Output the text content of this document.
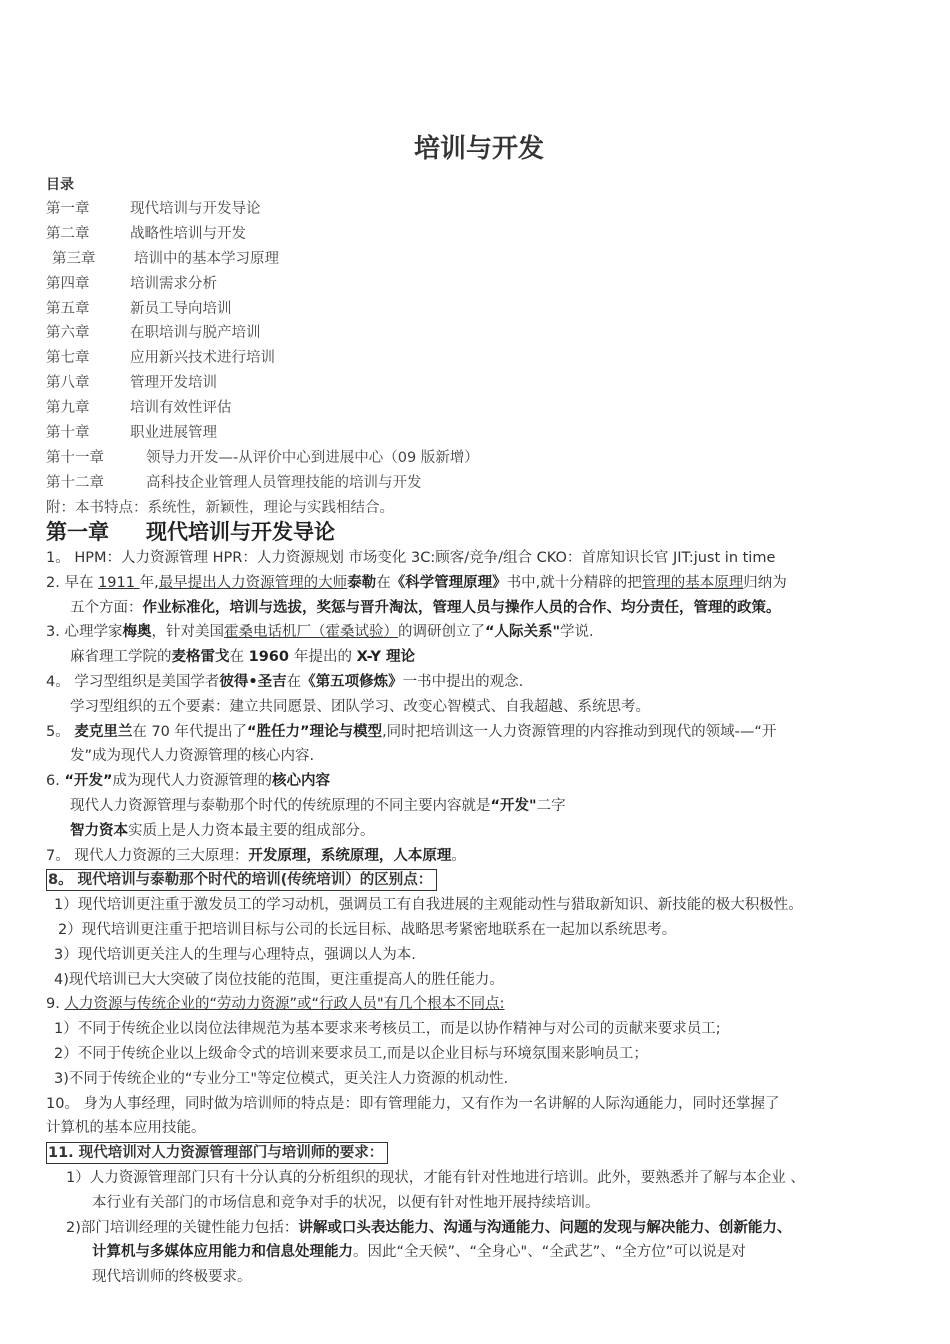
培训与开发
目录
第一章	现代培训与开发导论
第二章	战略性培训与开发
第三章	培训中的基本学习原理
第四章	培训需求分析
第五章	新员工导向培训
第六章	在职培训与脱产培训
第七章	应用新兴技术进行培训
第八章	管理开发培训
第九章	培训有效性评估
第十章	职业进展管理
第十一章	领导力开发—-从评价中心到进展中心（09 版新增）
第十二章	高科技企业管理人员管理技能的培训与开发
附：本书特点：系统性，新颖性，理论与实践相结合。
第一章 现代培训与开发导论
1。 HPM：人力资源管理 HPR：人力资源规划 市场变化 3C:顾客/竞争/组合 CKO：首席知识长官 JIT:just in time
2. 早在 1911 年,最早提出人力资源管理的大师泰勒在《科学管理原理》书中,就十分精辟的把管理的基本原理归纳为
五个方面：作业标准化，培训与选拔，奖惩与晋升淘汰，管理人员与操作人员的合作、均分责任，管理的政策。
3. 心理学家梅奥，针对美国霍桑电话机厂（霍桑试验）的调研创立了“人际关系"学说.
麻省理工学院的麦格雷戈在 1960 年提出的 X-Y 理论
4。 学习型组织是美国学者彼得•圣吉在《第五项修炼》一书中提出的观念.
学习型组织的五个要素：建立共同愿景、团队学习、改变心智模式、自我超越、系统思考。
5。 麦克里兰在 70 年代提出了“胜任力”理论与模型,同时把培训这一人力资源管理的内容推动到现代的领域-—“开
发”成为现代人力资源管理的核心内容.
6. “开发”成为现代人力资源管理的核心内容
现代人力资源管理与泰勒那个时代的传统原理的不同主要内容就是“开发"二字
智力资本实质上是人力资本最主要的组成部分。
7。 现代人力资源的三大原理：开发原理，系统原理，人本原理。
8。 现代培训与泰勒那个时代的培训(传统培训）的区别点：
1）现代培训更注重于激发员工的学习动机，强调员工有自我进展的主观能动性与猎取新知识、新技能的极大积极性。
2）现代培训更注重于把培训目标与公司的长远目标、战略思考紧密地联系在一起加以系统思考。
3）现代培训更关注人的生理与心理特点，强调以人为本.
4)现代培训已大大突破了岗位技能的范围，更注重提高人的胜任能力。
9. 人力资源与传统企业的“劳动力资源”或“行政人员"有几个根本不同点:
1）不同于传统企业以岗位法律规范为基本要求来考核员工，而是以协作精神与对公司的贡献来要求员工;
2）不同于传统企业以上级命令式的培训来要求员工,而是以企业目标与环境氛围来影响员工；
3)不同于传统企业的“专业分工"等定位模式，更关注人力资源的机动性.
10。 身为人事经理，同时做为培训师的特点是：即有管理能力，又有作为一名讲解的人际沟通能力，同时还掌握了
计算机的基本应用技能。
11. 现代培训对人力资源管理部门与培训师的要求：
1）人力资源管理部门只有十分认真的分析组织的现状，才能有针对性地进行培训。此外，要熟悉并了解与本企业 、
本行业有关部门的市场信息和竞争对手的状况，以便有针对性地开展持续培训。
2)部门培训经理的关键性能力包括：讲解或口头表达能力、沟通与沟通能力、问题的发现与解决能力、创新能力、
计算机与多媒体应用能力和信息处理能力。因此“全天候”、“全身心"、“全武艺”、“全方位”可以说是对
现代培训师的终极要求。
